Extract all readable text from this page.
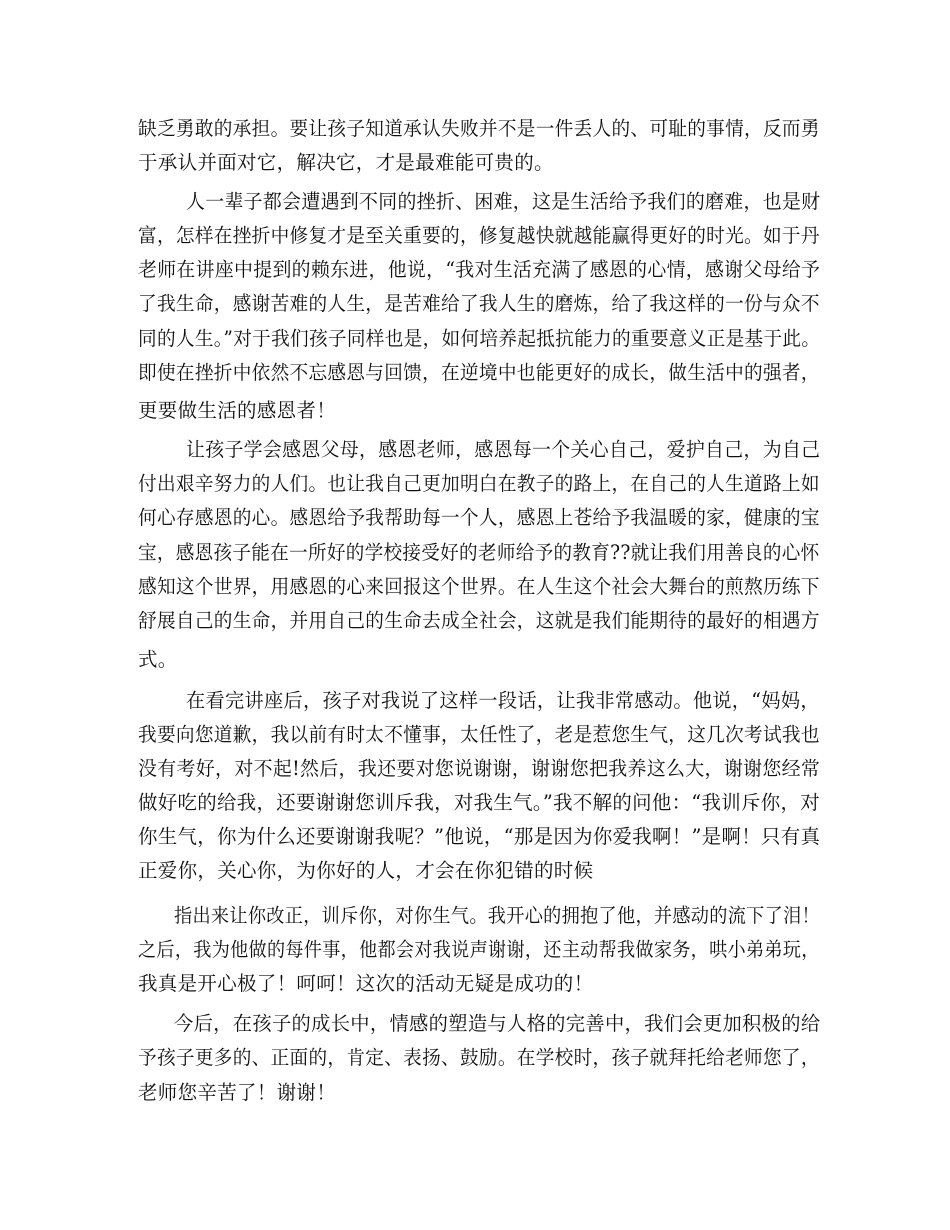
缺乏勇敢的承担。要让孩子知道承认失败并不是一件丢人的、可耻的事情，反而勇
于承认并面对它，解决它，才是最难能可贵的。
人一辈子都会遭遇到不同的挫折、困难，这是生活给予我们的磨难，也是财
富，怎样在挫折中修复才是至关重要的，修复越快就越能赢得更好的时光。如于丹
老师在讲座中提到的赖东进，他说，“我对生活充满了感恩的心情，感谢父母给予
了我生命，感谢苦难的人生，是苦难给了我人生的磨炼，给了我这样的一份与众不
同的人生。”对于我们孩子同样也是，如何培养起抵抗能力的重要意义正是基于此。
即使在挫折中依然不忘感恩与回馈，在逆境中也能更好的成长，做生活中的强者，
更要做生活的感恩者！
让孩子学会感恩父母，感恩老师，感恩每一个关心自己，爱护自己，为自己
付出艰辛努力的人们。也让我自己更加明白在教子的路上，在自己的人生道路上如
何心存感恩的心。感恩给予我帮助每一个人，感恩上苍给予我温暖的家，健康的宝
宝，感恩孩子能在一所好的学校接受好的老师给予的教育??就让我们用善良的心怀
感知这个世界，用感恩的心来回报这个世界。在人生这个社会大舞台的煎熬历练下
舒展自己的生命，并用自己的生命去成全社会，这就是我们能期待的最好的相遇方
式。
在看完讲座后，孩子对我说了这样一段话，让我非常感动。他说，“妈妈，
我要向您道歉，我以前有时太不懂事，太任性了，老是惹您生气，这几次考试我也
没有考好，对不起!然后，我还要对您说谢谢，谢谢您把我养这么大，谢谢您经常
做好吃的给我，还要谢谢您训斥我，对我生气。”我不解的问他：“我训斥你，对
你生气，你为什么还要谢谢我呢？”他说，“那是因为你爱我啊！”是啊！只有真
正爱你，关心你，为你好的人，才会在你犯错的时候
指出来让你改正，训斥你，对你生气。我开心的拥抱了他，并感动的流下了泪！
之后，我为他做的每件事，他都会对我说声谢谢，还主动帮我做家务，哄小弟弟玩，
我真是开心极了！呵呵！这次的活动无疑是成功的！
今后，在孩子的成长中，情感的塑造与人格的完善中，我们会更加积极的给
予孩子更多的、正面的，肯定、表扬、鼓励。在学校时，孩子就拜托给老师您了，
老师您辛苦了！谢谢！
